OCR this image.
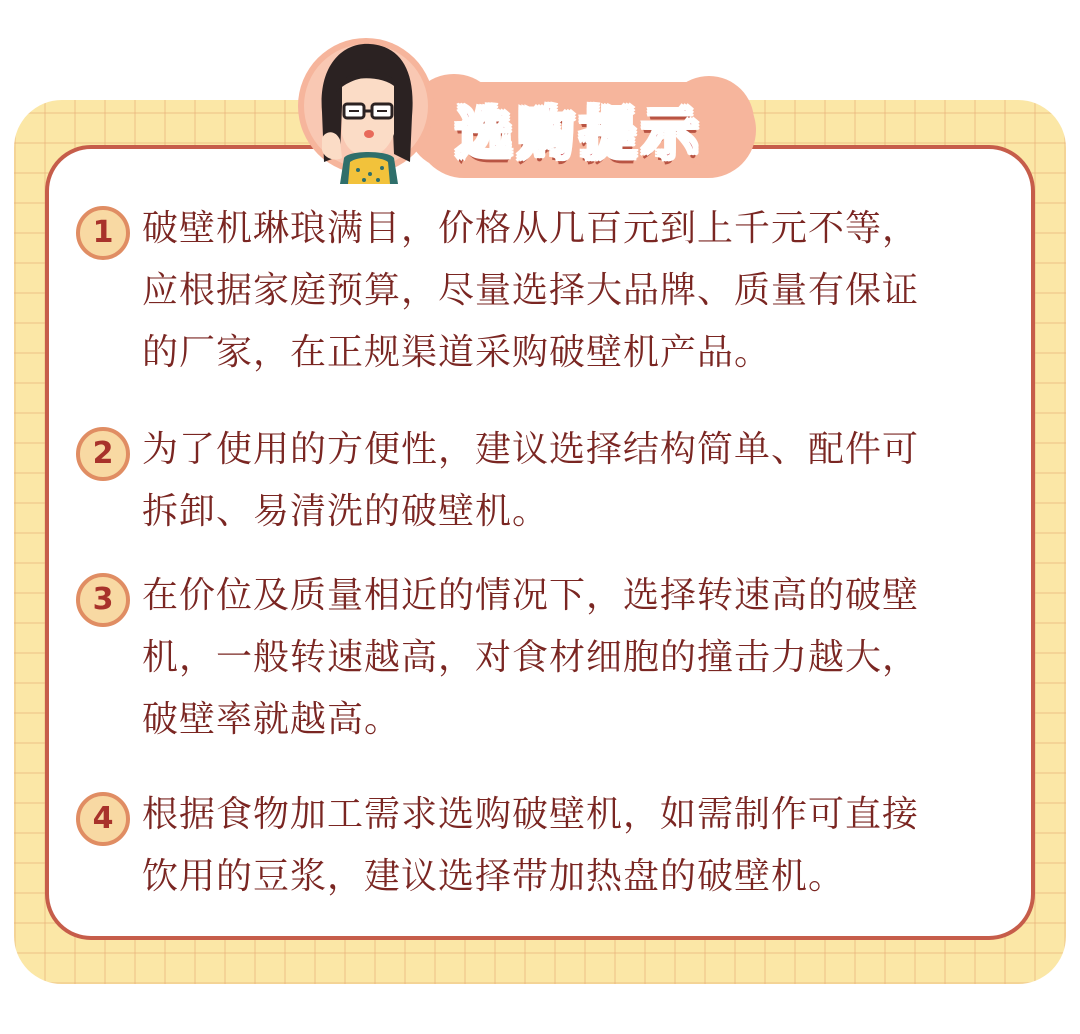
选购提示
1 破壁机琳琅满目，价格从几百元到上千元不等，
应根据家庭预算，尽量选择大品牌、质量有保证
的厂家，在正规渠道采购破壁机产品。
2 为了使用的方便性，建议选择结构简单、配件可
拆卸、易清洗的破壁机。
3 在价位及质量相近的情况下，选择转速高的破壁
机，一般转速越高，对食材细胞的撞击力越大，
破壁率就越高。
4 根据食物加工需求选购破壁机，如需制作可直接
饮用的豆浆，建议选择带加热盘的破壁机。
